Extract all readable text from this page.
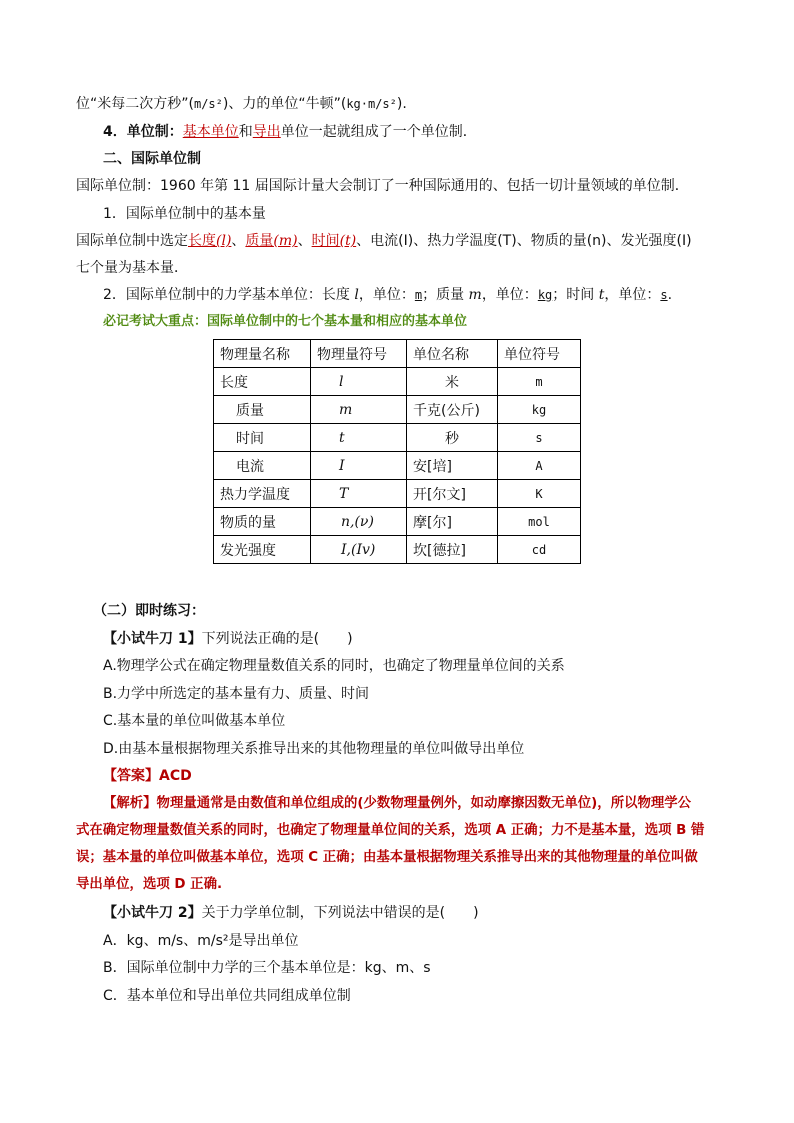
位“米每二次方秒”(m/s²)、力的单位“牛顿”(kg·m/s²).
4．单位制：基本单位和导出单位一起就组成了一个单位制．
二、国际单位制
国际单位制：1960 年第 11 届国际计量大会制订了一种国际通用的、包括一切计量领域的单位制．
1．国际单位制中的基本量
国际单位制中选定长度(l)、质量(m)、时间(t)、电流(I)、热力学温度(T)、物质的量(n)、发光强度(I)
七个量为基本量．
2．国际单位制中的力学基本单位：长度 l，单位：m；质量 m，单位：kg；时间 t，单位：s.
必记考试大重点：国际单位制中的七个基本量和相应的基本单位
物理量名称	物理量符号	单位名称	单位符号
长度	l	米	m
质量	m	千克(公斤)	kg
时间	t	秒	s
电流	I	安[培]	A
热力学温度	T	开[尔文]	K
物质的量	n,(ν)	摩[尔]	mol
发光强度	I,(Iv)	坎[德拉]	cd
（二）即时练习：
【小试牛刀 1】下列说法正确的是(　　)
A.物理学公式在确定物理量数值关系的同时，也确定了物理量单位间的关系
B.力学中所选定的基本量有力、质量、时间
C.基本量的单位叫做基本单位
D.由基本量根据物理关系推导出来的其他物理量的单位叫做导出单位
【答案】ACD
【解析】物理量通常是由数值和单位组成的(少数物理量例外，如动摩擦因数无单位)，所以物理学公
式在确定物理量数值关系的同时，也确定了物理量单位间的关系，选项 A 正确；力不是基本量，选项 B 错
误；基本量的单位叫做基本单位，选项 C 正确；由基本量根据物理关系推导出来的其他物理量的单位叫做
导出单位，选项 D 正确.
【小试牛刀 2】关于力学单位制，下列说法中错误的是(　　)
A．kg、m/s、m/s²是导出单位
B．国际单位制中力学的三个基本单位是：kg、m、s
C．基本单位和导出单位共同组成单位制
